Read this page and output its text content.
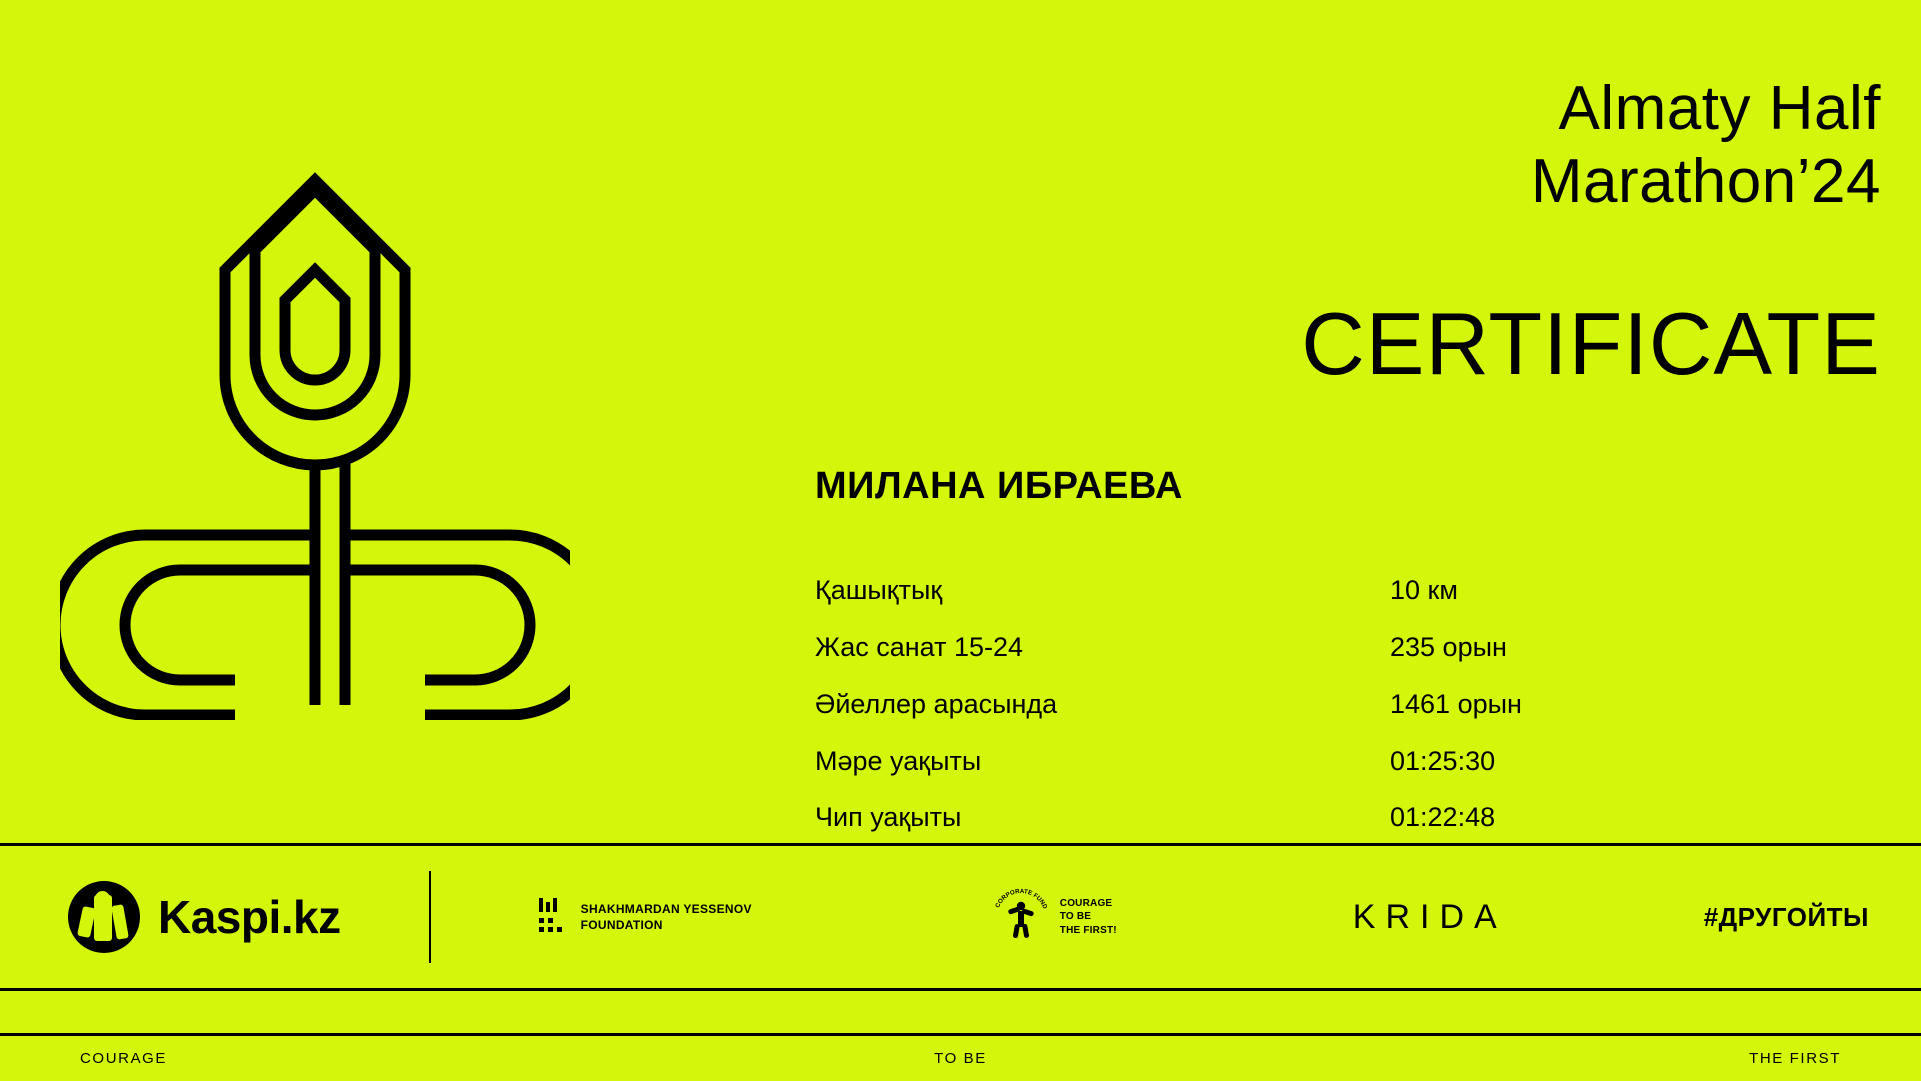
Almaty Half
Marathon’24
CERTIFICATE
МИЛАНА ИБРАЕВА
Қашықтық	10 км
Жас санат 15-24	235 орын
Әйеллер арасында	1461 орын
Мәре уақыты	01:25:30
Чип уақыты	01:22:48
Kaspi.kz	SHAKHMARDAN YESSENOV
FOUNDATION
CORPORATE FUND COURAGE
TO BE
THE FIRST!	KRIDA	#ДРУГОЙТЫ
COURAGE	TO BE	THE FIRST
